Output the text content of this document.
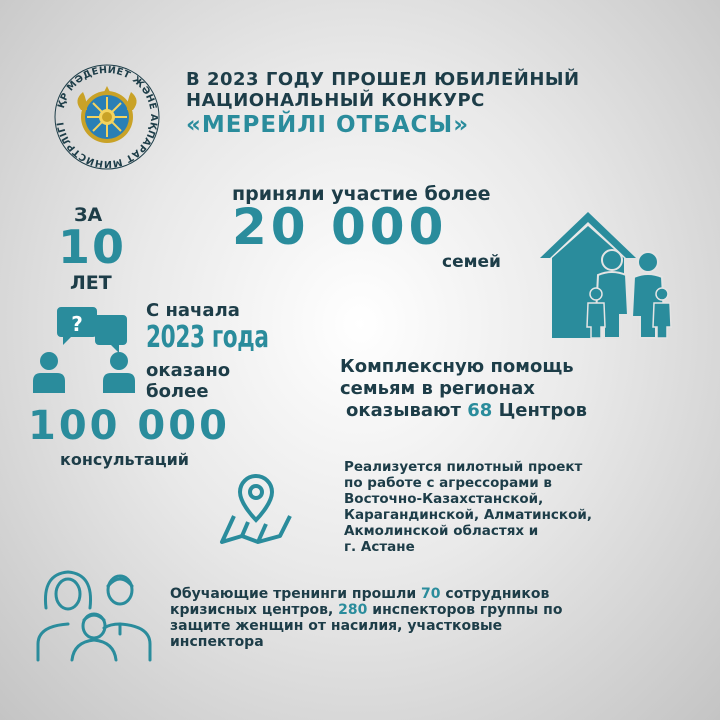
ҚР МӘДЕНИЕТ ЖӘНЕ АҚПАРАТ МИНИСТРЛІГІ
В 2023 ГОДУ ПРОШЕЛ ЮБИЛЕЙНЫЙ
НАЦИОНАЛЬНЫЙ КОНКУРС
«МЕРЕЙЛІ ОТБАСЫ»
приняли участие более
20 000
семей
ЗА
10
ЛЕТ
?
С начала
2023 года
оказано
более
100 000
консультаций
Комплексную помощь
семьям в регионах
оказывают 68 Центров
Реализуется пилотный проект
по работе с агрессорами в
Восточно-Казахстанской,
Карагандинской, Алматинской,
Акмолинской областях и
г. Астане
Обучающие тренинги прошли 70 сотрудников
кризисных центров, 280 инспекторов группы по
защите женщин от насилия, участковые
инспектора
